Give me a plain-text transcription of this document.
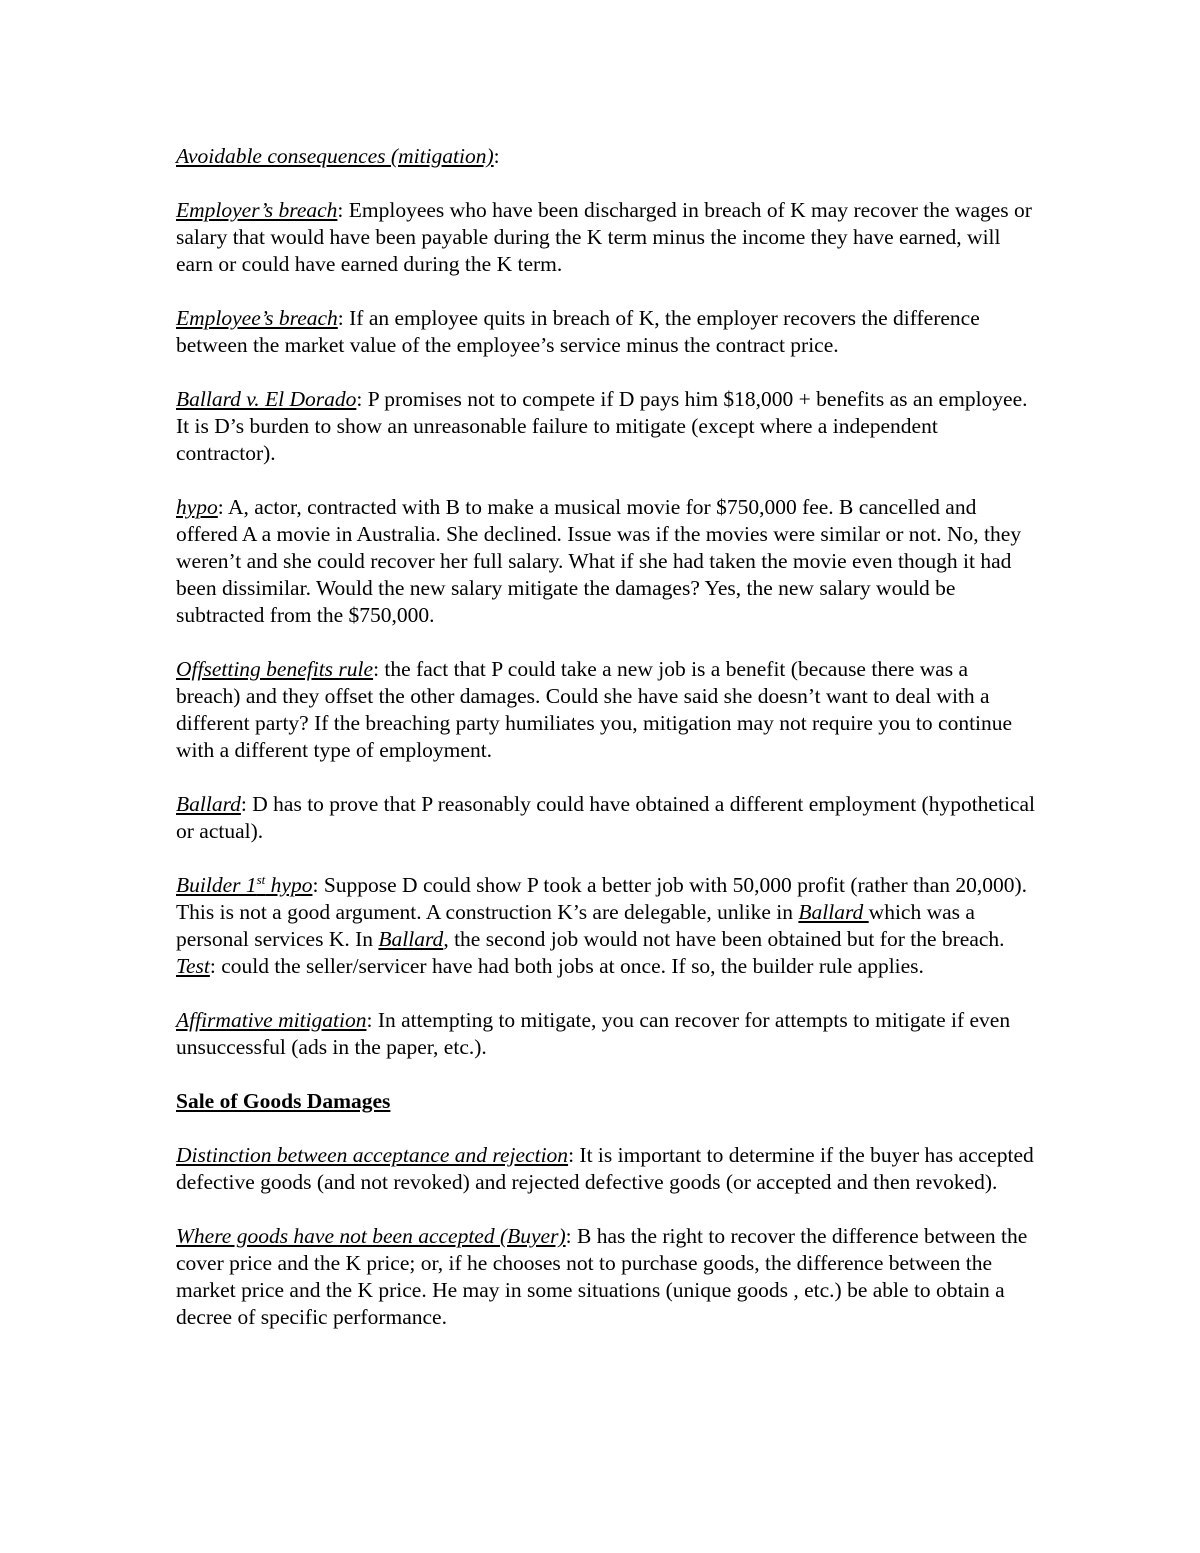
Avoidable consequences (mitigation):

Employer’s breach: Employees who have been discharged in breach of K may recover the wages or salary that would have been payable during the K term minus the income they have earned, will earn or could have earned during the K term.

Employee’s breach: If an employee quits in breach of K, the employer recovers the difference between the market value of the employee’s service minus the contract price.

Ballard v. El Dorado: P promises not to compete if D pays him $18,000 + benefits as an employee. It is D’s burden to show an unreasonable failure to mitigate (except where a independent contractor).

hypo: A, actor, contracted with B to make a musical movie for $750,000 fee. B cancelled and offered A a movie in Australia. She declined. Issue was if the movies were similar or not. No, they weren’t and she could recover her full salary. What if she had taken the movie even though it had been dissimilar. Would the new salary mitigate the damages? Yes, the new salary would be subtracted from the $750,000.

Offsetting benefits rule: the fact that P could take a new job is a benefit (because there was a breach) and they offset the other damages. Could she have said she doesn’t want to deal with a different party? If the breaching party humiliates you, mitigation may not require you to continue with a different type of employment.

Ballard: D has to prove that P reasonably could have obtained a different employment (hypothetical or actual).

Builder 1st hypo: Suppose D could show P took a better job with 50,000 profit (rather than 20,000). This is not a good argument. A construction K’s are delegable, unlike in Ballard which was a personal services K. In Ballard, the second job would not have been obtained but for the breach. Test: could the seller/servicer have had both jobs at once. If so, the builder rule applies.

Affirmative mitigation: In attempting to mitigate, you can recover for attempts to mitigate if even unsuccessful (ads in the paper, etc.).

Sale of Goods Damages

Distinction between acceptance and rejection: It is important to determine if the buyer has accepted defective goods (and not revoked) and rejected defective goods (or accepted and then revoked).

Where goods have not been accepted (Buyer): B has the right to recover the difference between the cover price and the K price; or, if he chooses not to purchase goods, the difference between the market price and the K price. He may in some situations (unique goods , etc.) be able to obtain a decree of specific performance.
